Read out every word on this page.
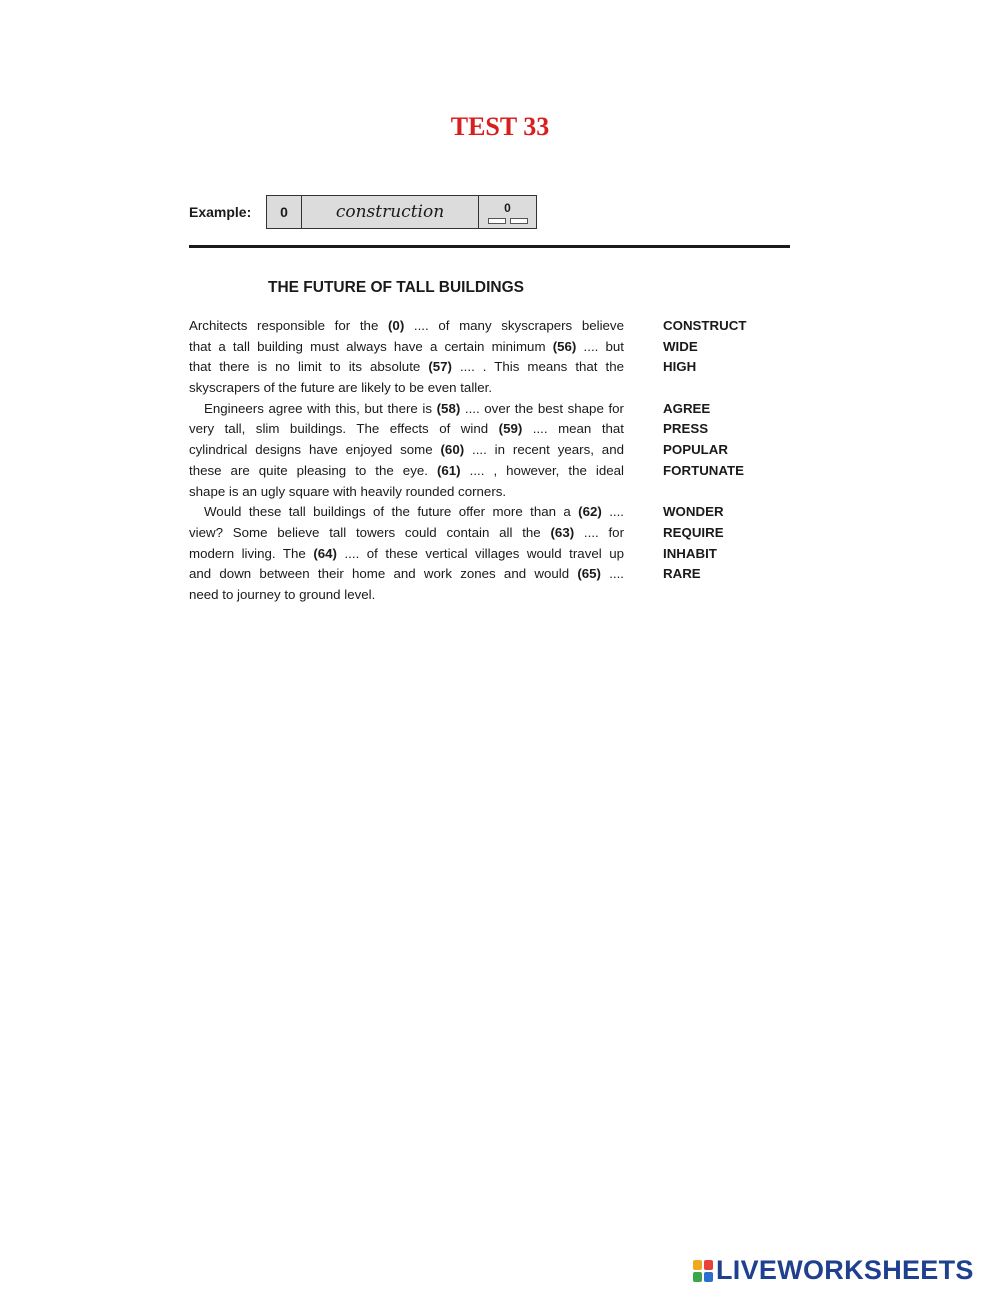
TEST 33
Example:	0	construction	0
THE FUTURE OF TALL BUILDINGS
Architects responsible for the (0) .... of many skyscrapers believe
that a tall building must always have a certain minimum (56) .... but
that there is no limit to its absolute (57) .... . This means that the
skyscrapers of the future are likely to be even taller.
Engineers agree with this, but there is (58) .... over the best shape for
very tall, slim buildings. The effects of wind (59) .... mean that
cylindrical designs have enjoyed some (60) .... in recent years, and
these are quite pleasing to the eye. (61) .... , however, the ideal
shape is an ugly square with heavily rounded corners.
Would these tall buildings of the future offer more than a (62) ....
view? Some believe tall towers could contain all the (63) .... for
modern living. The (64) .... of these vertical villages would travel up
and down between their home and work zones and would (65) ....
need to journey to ground level.
CONSTRUCT
WIDE
HIGH
AGREE
PRESS
POPULAR
FORTUNATE
WONDER
REQUIRE
INHABIT
RARE
LIVEWORKSHEETS
